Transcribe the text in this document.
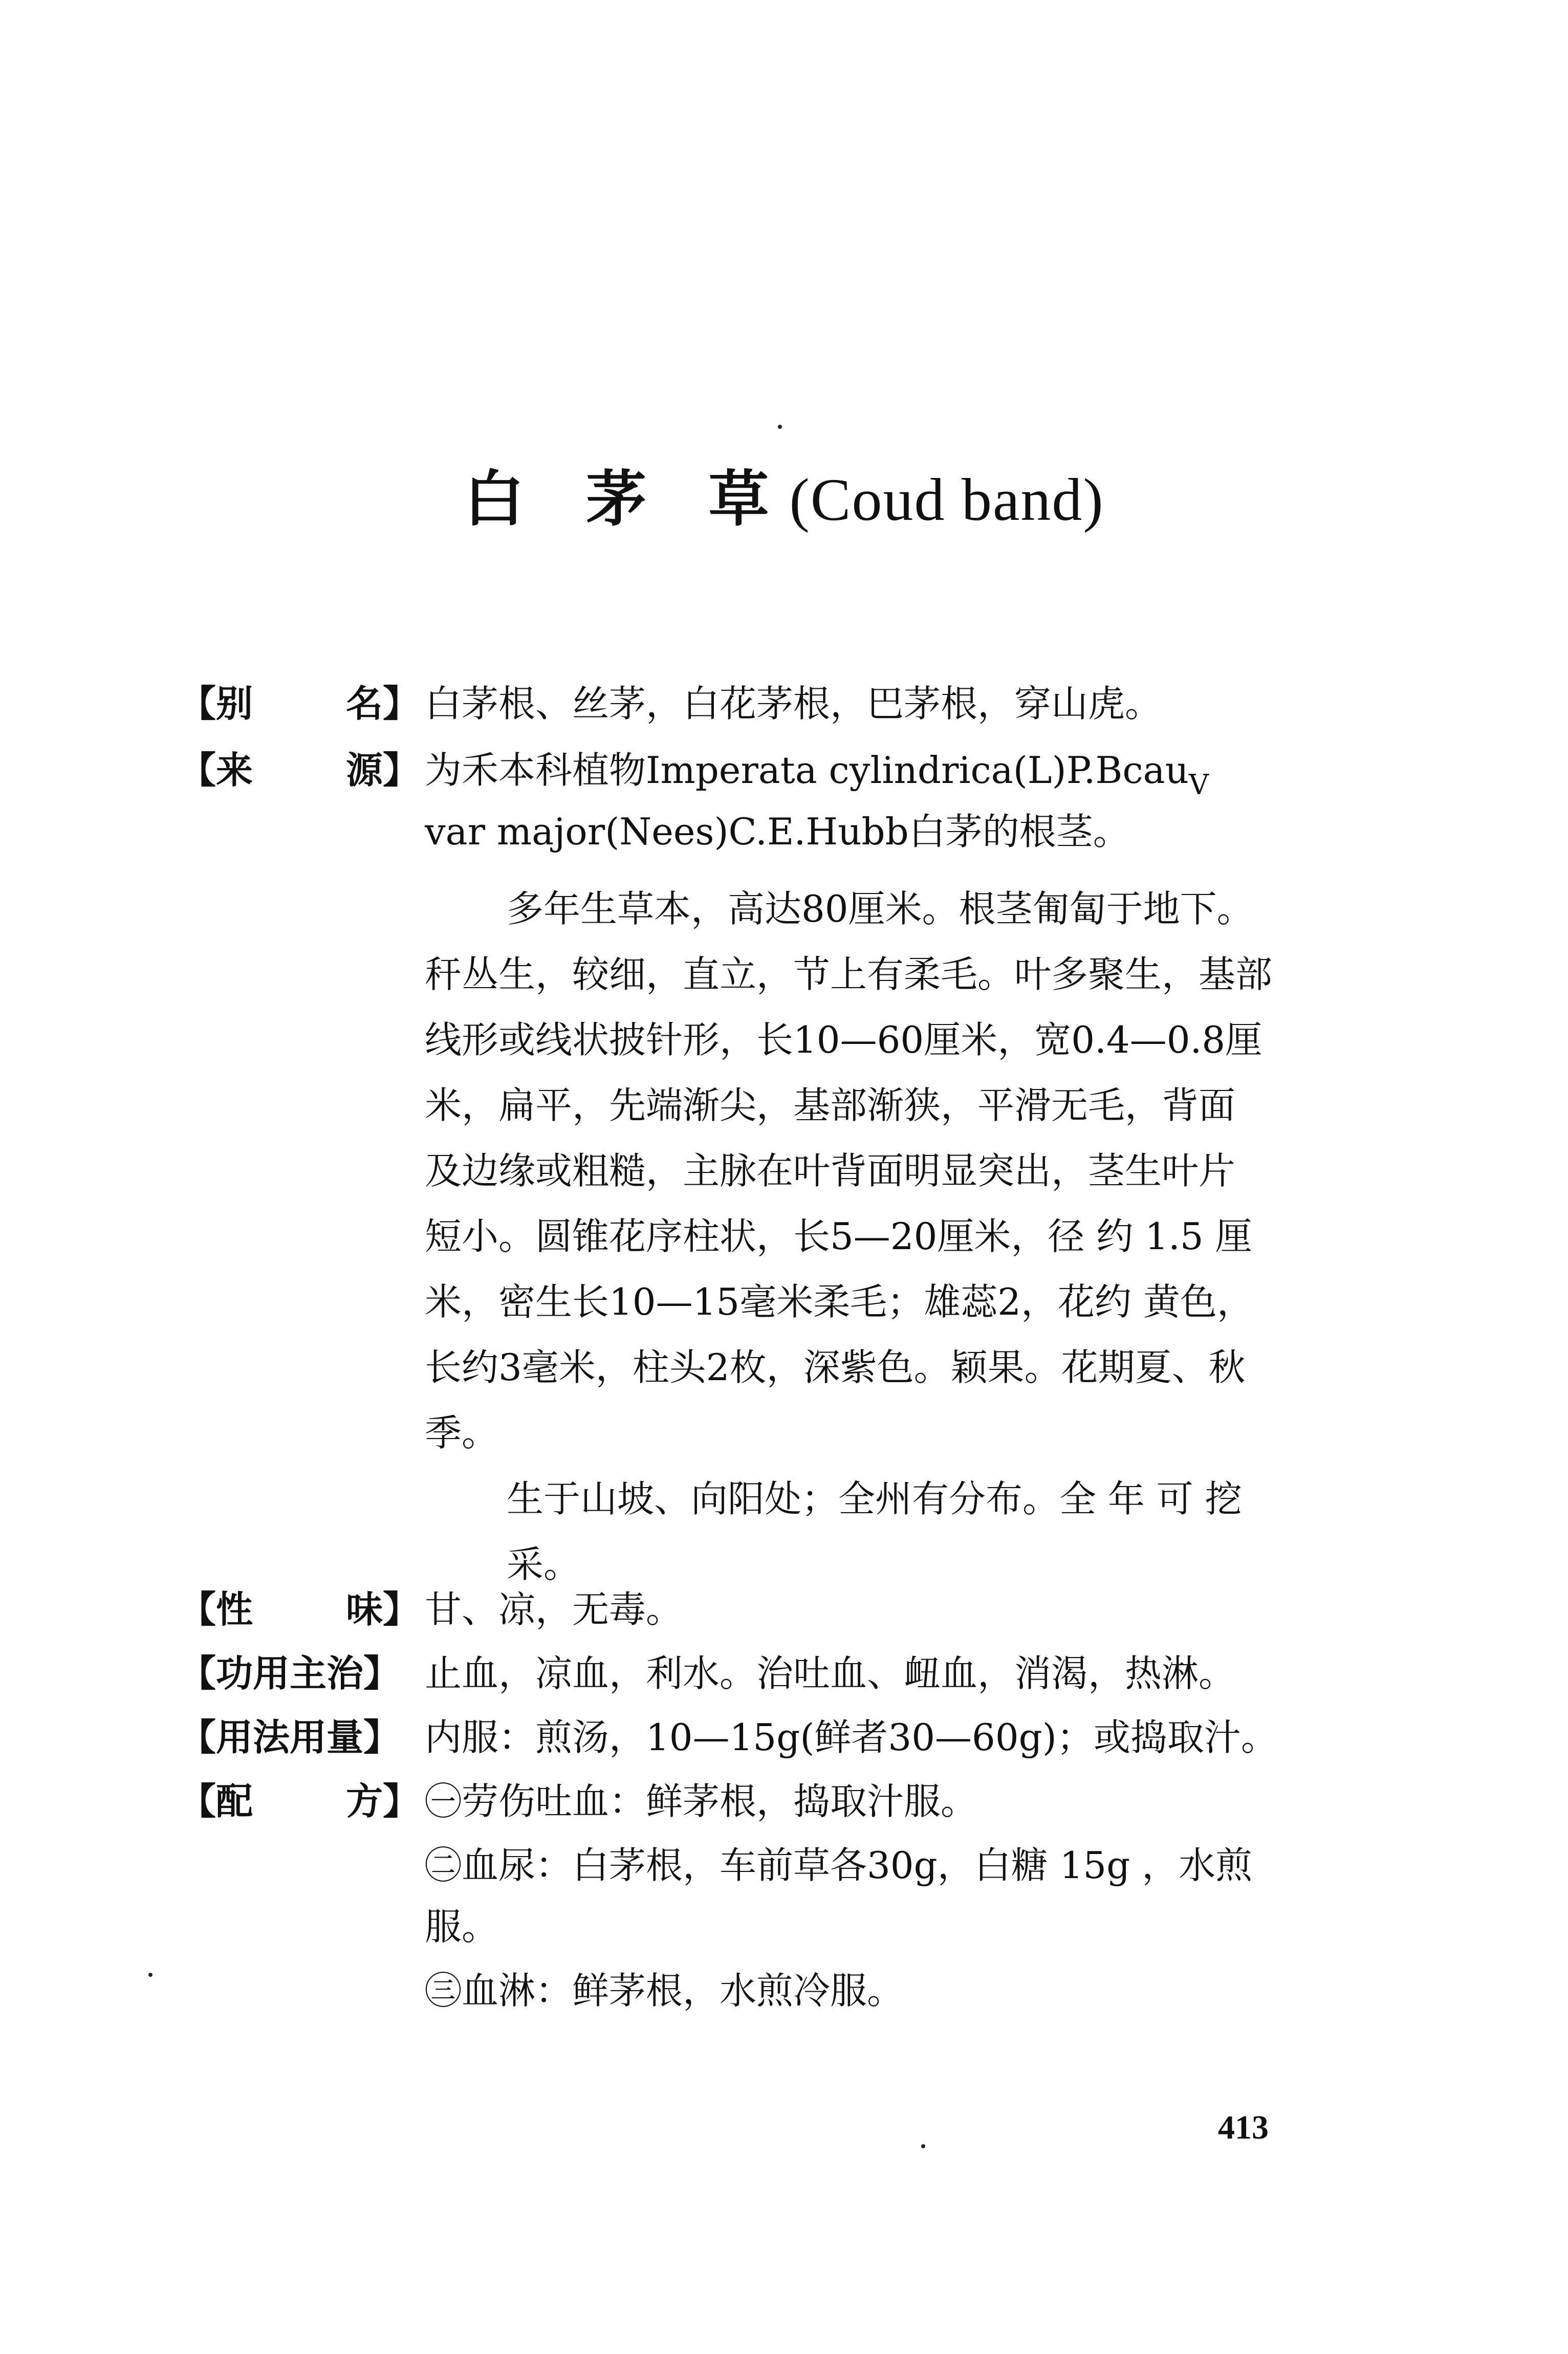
白 茅 草(Coud band)
【别	名】 白茅根、丝茅，白花茅根，巴茅根，穿山虎。
【来	源】 为禾本科植物Imperata cylindrica(L)P.Bcau$_V$
var major(Nees)C.E.Hubb白茅的根茎。
多年生草本，高达80厘米。根茎匍匐于地下。
秆丛生，较细，直立，节上有柔毛。叶多聚生，基部
线形或线状披针形，长10—60厘米，宽0.4—0.8厘
米，扁平，先端渐尖，基部渐狭，平滑无毛，背面
及边缘或粗糙，主脉在叶背面明显突出，茎生叶片
短小。圆锥花序柱状，长5—20厘米，径 约 1.5 厘
米，密生长10—15毫米柔毛；雄蕊2，花约 黄色，
长约3毫米，柱头2枚，深紫色。颖果。花期夏、秋
季。
生于山坡、向阳处；全州有分布。全 年 可 挖
采。
【性	味】 甘、凉，无毒。
【功用主治】 止血，凉血，利水。治吐血、衄血，消渴，热淋。
【用法用量】 内服：煎汤，10—15g(鲜者30—60g)；或捣取汁。
【配	方】 ㊀劳伤吐血：鲜茅根，捣取汁服。
㊁血尿：白茅根，车前草各30g，白糖 15g ，水煎
服。
㊂血淋：鲜茅根，水煎冷服。
413
